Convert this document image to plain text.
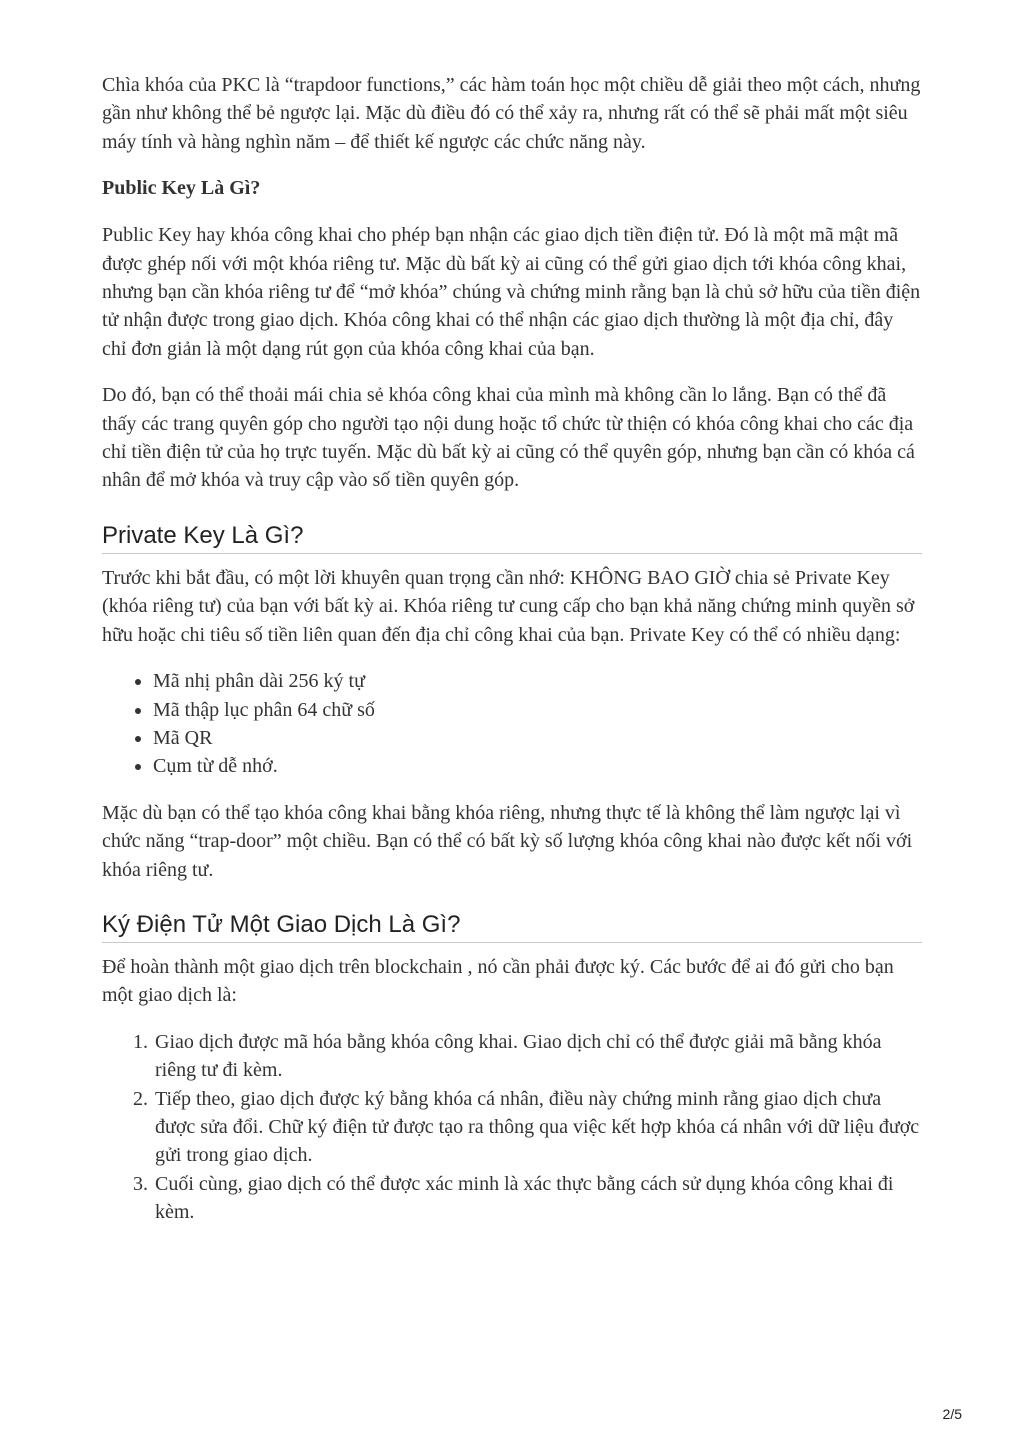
Chìa khóa của PKC là “trapdoor functions,” các hàm toán học một chiều dễ giải theo một cách, nhưng gần như không thể bẻ ngược lại. Mặc dù điều đó có thể xảy ra, nhưng rất có thể sẽ phải mất một siêu máy tính và hàng nghìn năm – để thiết kế ngược các chức năng này.

Public Key Là Gì?

Public Key hay khóa công khai cho phép bạn nhận các giao dịch tiền điện tử. Đó là một mã mật mã được ghép nối với một khóa riêng tư. Mặc dù bất kỳ ai cũng có thể gửi giao dịch tới khóa công khai, nhưng bạn cần khóa riêng tư để “mở khóa” chúng và chứng minh rằng bạn là chủ sở hữu của tiền điện tử nhận được trong giao dịch. Khóa công khai có thể nhận các giao dịch thường là một địa chỉ, đây chỉ đơn giản là một dạng rút gọn của khóa công khai của bạn.

Do đó, bạn có thể thoải mái chia sẻ khóa công khai của mình mà không cần lo lắng. Bạn có thể đã thấy các trang quyên góp cho người tạo nội dung hoặc tổ chức từ thiện có khóa công khai cho các địa chỉ tiền điện tử của họ trực tuyến. Mặc dù bất kỳ ai cũng có thể quyên góp, nhưng bạn cần có khóa cá nhân để mở khóa và truy cập vào số tiền quyên góp.

Private Key Là Gì?

Trước khi bắt đầu, có một lời khuyên quan trọng cần nhớ: KHÔNG BAO GIỜ chia sẻ Private Key (khóa riêng tư) của bạn với bất kỳ ai. Khóa riêng tư cung cấp cho bạn khả năng chứng minh quyền sở hữu hoặc chi tiêu số tiền liên quan đến địa chỉ công khai của bạn. Private Key có thể có nhiều dạng:

• Mã nhị phân dài 256 ký tự
• Mã thập lục phân 64 chữ số
• Mã QR
• Cụm từ dễ nhớ.

Mặc dù bạn có thể tạo khóa công khai bằng khóa riêng, nhưng thực tế là không thể làm ngược lại vì chức năng “trap-door” một chiều. Bạn có thể có bất kỳ số lượng khóa công khai nào được kết nối với khóa riêng tư.

Ký Điện Tử Một Giao Dịch Là Gì?

Để hoàn thành một giao dịch trên blockchain , nó cần phải được ký. Các bước để ai đó gửi cho bạn một giao dịch là:

1. Giao dịch được mã hóa bằng khóa công khai. Giao dịch chỉ có thể được giải mã bằng khóa riêng tư đi kèm.
2. Tiếp theo, giao dịch được ký bằng khóa cá nhân, điều này chứng minh rằng giao dịch chưa được sửa đổi. Chữ ký điện tử được tạo ra thông qua việc kết hợp khóa cá nhân với dữ liệu được gửi trong giao dịch.
3. Cuối cùng, giao dịch có thể được xác minh là xác thực bằng cách sử dụng khóa công khai đi kèm.
2/5
